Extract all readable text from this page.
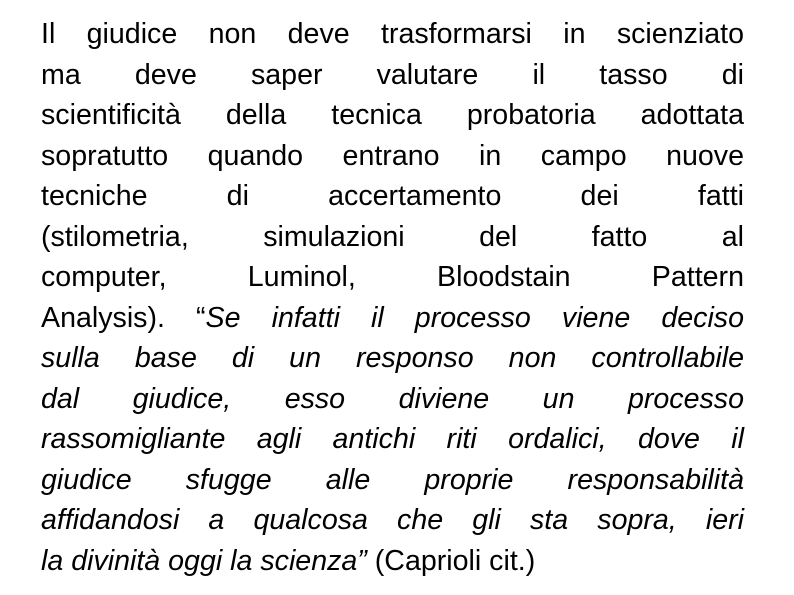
Il giudice non deve trasformarsi in scienziato
ma deve saper valutare il tasso di
scientificità della tecnica probatoria adottata
sopratutto quando entrano in campo nuove
tecniche di accertamento dei fatti
(stilometria, simulazioni del fatto al
computer, Luminol, Bloodstain Pattern
Analysis). “Se infatti il processo viene deciso
sulla base di un responso non controllabile
dal giudice, esso diviene un processo
rassomigliante agli antichi riti ordalici, dove il
giudice sfugge alle proprie responsabilità
affidandosi a qualcosa che gli sta sopra, ieri
la divinità oggi la scienza” (Caprioli cit.)
